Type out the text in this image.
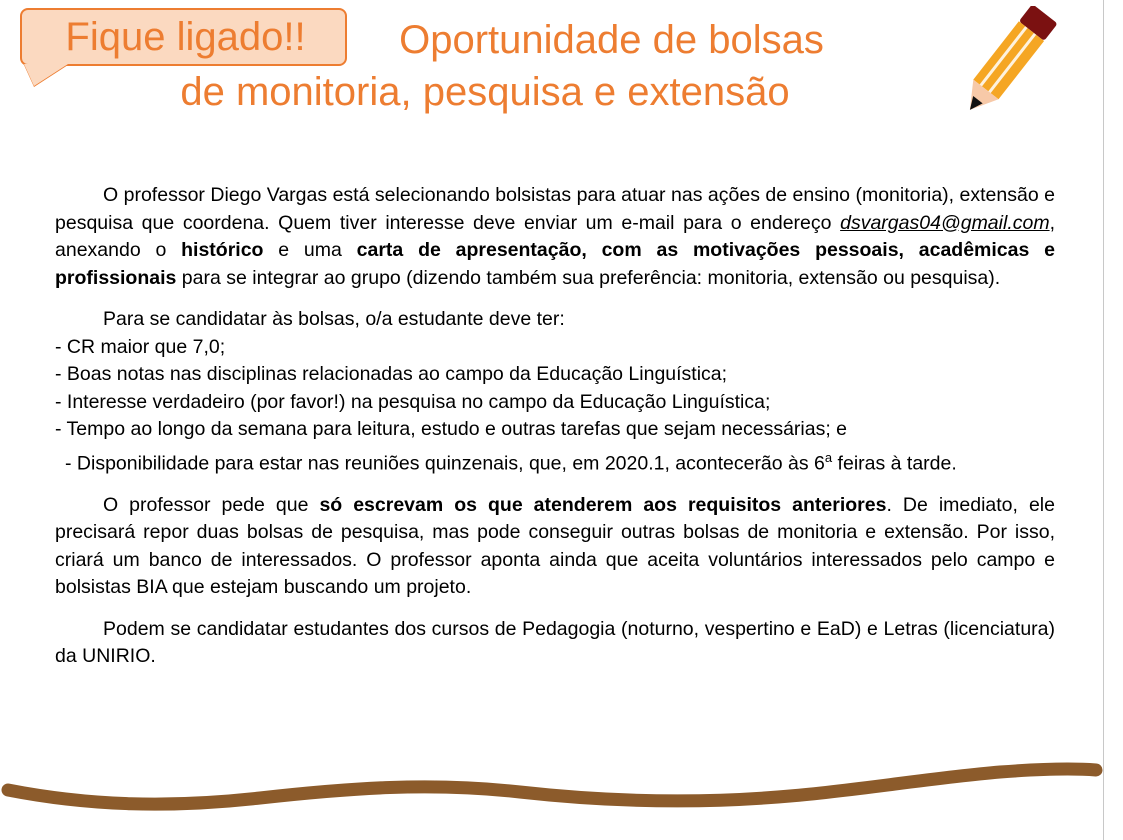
Oportunidade de bolsas
de monitoria, pesquisa e extensão
Fique ligado!!

O professor Diego Vargas está selecionando bolsistas para atuar nas ações de ensino (monitoria), extensão e pesquisa que coordena. Quem tiver interesse deve enviar um e-mail para o endereço dsvargas04@gmail.com, anexando o histórico e uma carta de apresentação, com as motivações pessoais, acadêmicas e profissionais para se integrar ao grupo (dizendo também sua preferência: monitoria, extensão ou pesquisa).

Para se candidatar às bolsas, o/a estudante deve ter:

- CR maior que 7,0;

- Boas notas nas disciplinas relacionadas ao campo da Educação Linguística;

- Interesse verdadeiro (por favor!) na pesquisa no campo da Educação Linguística;

- Tempo ao longo da semana para leitura, estudo e outras tarefas que sejam necessárias; e

- Disponibilidade para estar nas reuniões quinzenais, que, em 2020.1, acontecerão às 6$^a$ feiras à tarde.

O professor pede que só escrevam os que atenderem aos requisitos anteriores. De imediato, ele precisará repor duas bolsas de pesquisa, mas pode conseguir outras bolsas de monitoria e extensão. Por isso, criará um banco de interessados. O professor aponta ainda que aceita voluntários interessados pelo campo e bolsistas BIA que estejam buscando um projeto.

Podem se candidatar estudantes dos cursos de Pedagogia (noturno, vespertino e EaD) e Letras (licenciatura) da UNIRIO.
